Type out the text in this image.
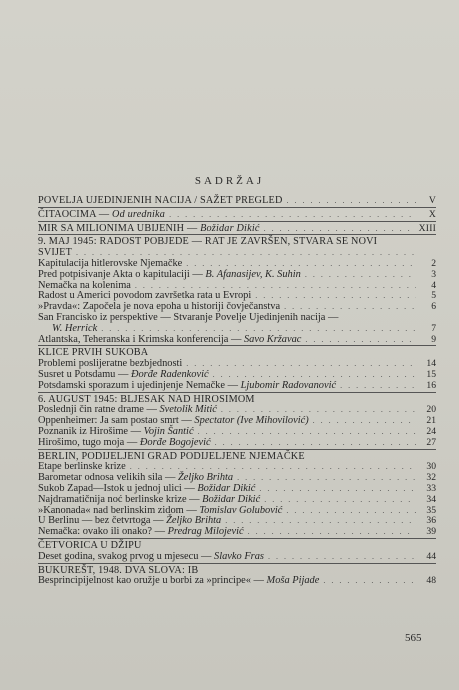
SADRŽAJ
POVELJA UJEDINJENIH NACIJA / SAŽET PREGLED . . .	V
ČITAOCIMA — Od urednika . . .	X
MIR SA MILIONIMA UBIJENIH — Božidar Dikić . . .	XIII
9. MAJ 1945: RADOST POBJEDE — RAT JE ZAVRŠEN, STVARA SE NOVI
SVIJET
. . .
Kapitulacija hitlerovske Njemačke . . .	2
Pred potpisivanje Akta o kapitulaciji — B. Afanasijev, K. Suhin . . .	3
Nemačka na kolenima . . .	4
Radost u Americi povodom završetka rata u Evropi . . .	5
»Pravda«: Započela je nova epoha u historiji čovječanstva . . .	6
San Francisko iz perspektive — Stvaranje Povelje Ujedinjenih nacija —
W. Herrick . . .	7
Atlantska, Teheranska i Krimska konferencija — Savo Kržavac . . .	9
KLICE PRVIH SUKOBA
Problemi poslijeratne bezbjednosti . . .	14
Susret u Potsdamu — Đorđe Radenković . . .	15
Potsdamski sporazum i ujedinjenje Nemačke — Ljubomir Radovanović . . .	16
6. AUGUST 1945: BLJESAK NAD HIROSIMOM
Poslednji čin ratne drame — Svetolik Mitić . . .	20
Oppenheimer: Ja sam postao smrt — Spectator (Ive Mihovilović) . . .	21
Poznanik iz Hirošime — Vojin Šantić . . .	24
Hirošimo, tugo moja — Đorđe Bogojević . . .	27
BERLIN, PODIJELJENI GRAD PODIJELJENE NJEMAČKE
Etape berlinske krize . . .	30
Barometar odnosa velikih sila — Željko Brihta . . .	32
Sukob Zapad—Istok u jednoj ulici — Božidar Dikić . . .	33
Najdramatičnija noć berlinske krize — Božidar Dikić . . .	34
»Kanonada« nad berlinskim zidom — Tomislav Golubović . . .	35
U Berlinu — bez četvrtoga — Željko Brihta . . .	36
Nemačka: ovako ili onako? — Predrag Milojević . . .	39
ČETVORICA U DŽIPU
Deset godina, svakog prvog u mjesecu — Slavko Fras . . .	44
BUKUREŠT, 1948. DVA SLOVA: IB
Besprincipijelnost kao oružje u borbi za »principe« — Moša Pijade . . .	48
565
